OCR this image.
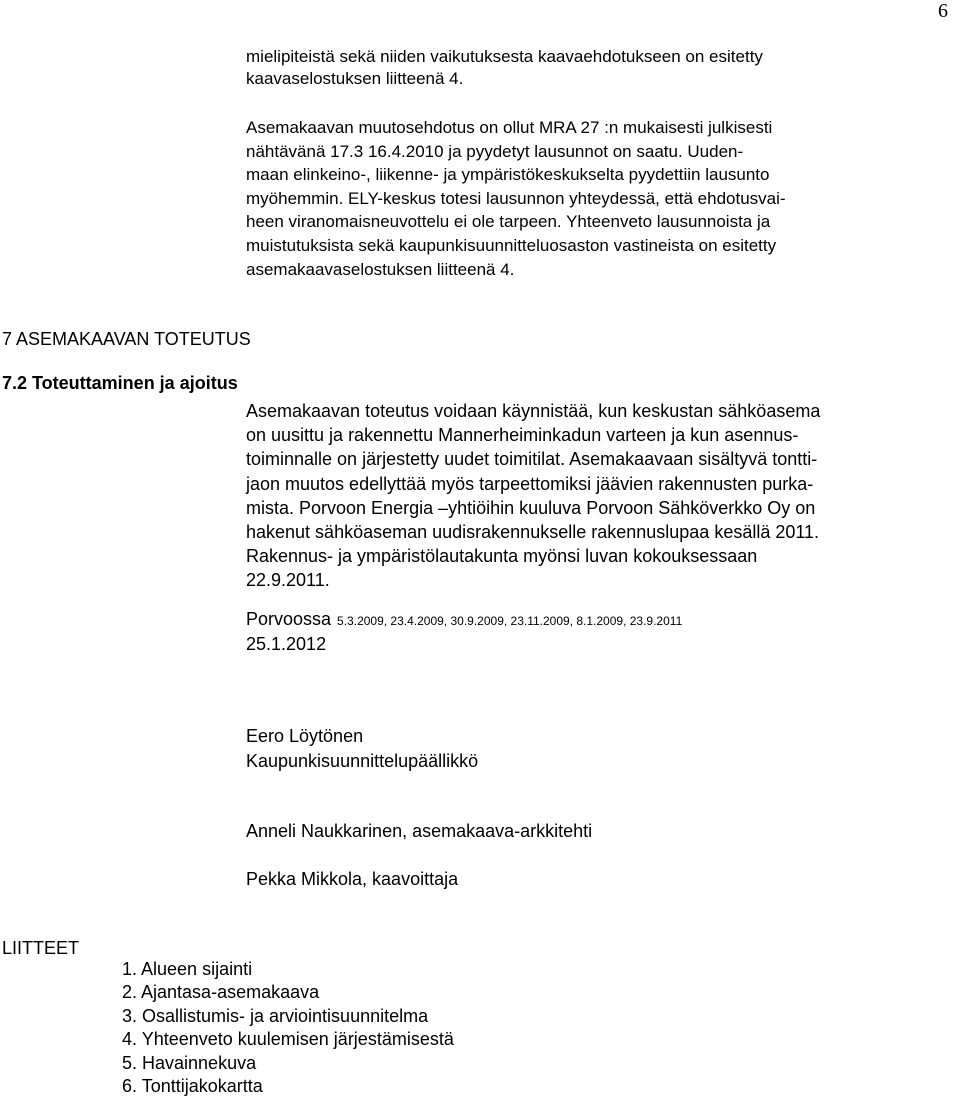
6

mielipiteistä sekä niiden vaikutuksesta kaavaehdotukseen on esitetty
kaavaselostuksen liitteenä 4.

Asemakaavan muutosehdotus on ollut MRA 27 :n mukaisesti julkisesti
nähtävänä 17.3 16.4.2010 ja pyydetyt lausunnot on saatu. Uuden-
maan elinkeino-, liikenne- ja ympäristökeskukselta pyydettiin lausunto
myöhemmin. ELY-keskus totesi lausunnon yhteydessä, että ehdotusvai-
heen viranomaisneuvottelu ei ole tarpeen. Yhteenveto lausunnoista ja
muistutuksista sekä kaupunkisuunnitteluosaston vastineista on esitetty
asemakaavaselostuksen liitteenä 4.

7 ASEMAKAAVAN TOTEUTUS
7.2 Toteuttaminen ja ajoitus

Asemakaavan toteutus voidaan käynnistää, kun keskustan sähköasema
on uusittu ja rakennettu Mannerheiminkadun varteen ja kun asennus-
toiminnalle on järjestetty uudet toimitilat. Asemakaavaan sisältyvä tontti-
jaon muutos edellyttää myös tarpeettomiksi jäävien rakennusten purka-
mista. Porvoon Energia –yhtiöihin kuuluva Porvoon Sähköverkko Oy on
hakenut sähköaseman uudisrakennukselle rakennuslupaa kesällä 2011.
Rakennus- ja ympäristölautakunta myönsi luvan kokouksessaan
22.9.2011.

Porvoossa 5.3.2009, 23.4.2009, 30.9.2009, 23.11.2009, 8.1.2009, 23.9.2011

25.1.2012

Eero Löytönen

Kaupunkisuunnittelupäällikkö

Anneli Naukkarinen, asemakaava-arkkitehti

Pekka Mikkola, kaavoittaja

LIITTEET
1. Alueen sijainti
2. Ajantasa-asemakaava
3. Osallistumis- ja arviointisuunnitelma
4. Yhteenveto kuulemisen järjestämisestä
5. Havainnekuva
6. Tonttijakokartta
